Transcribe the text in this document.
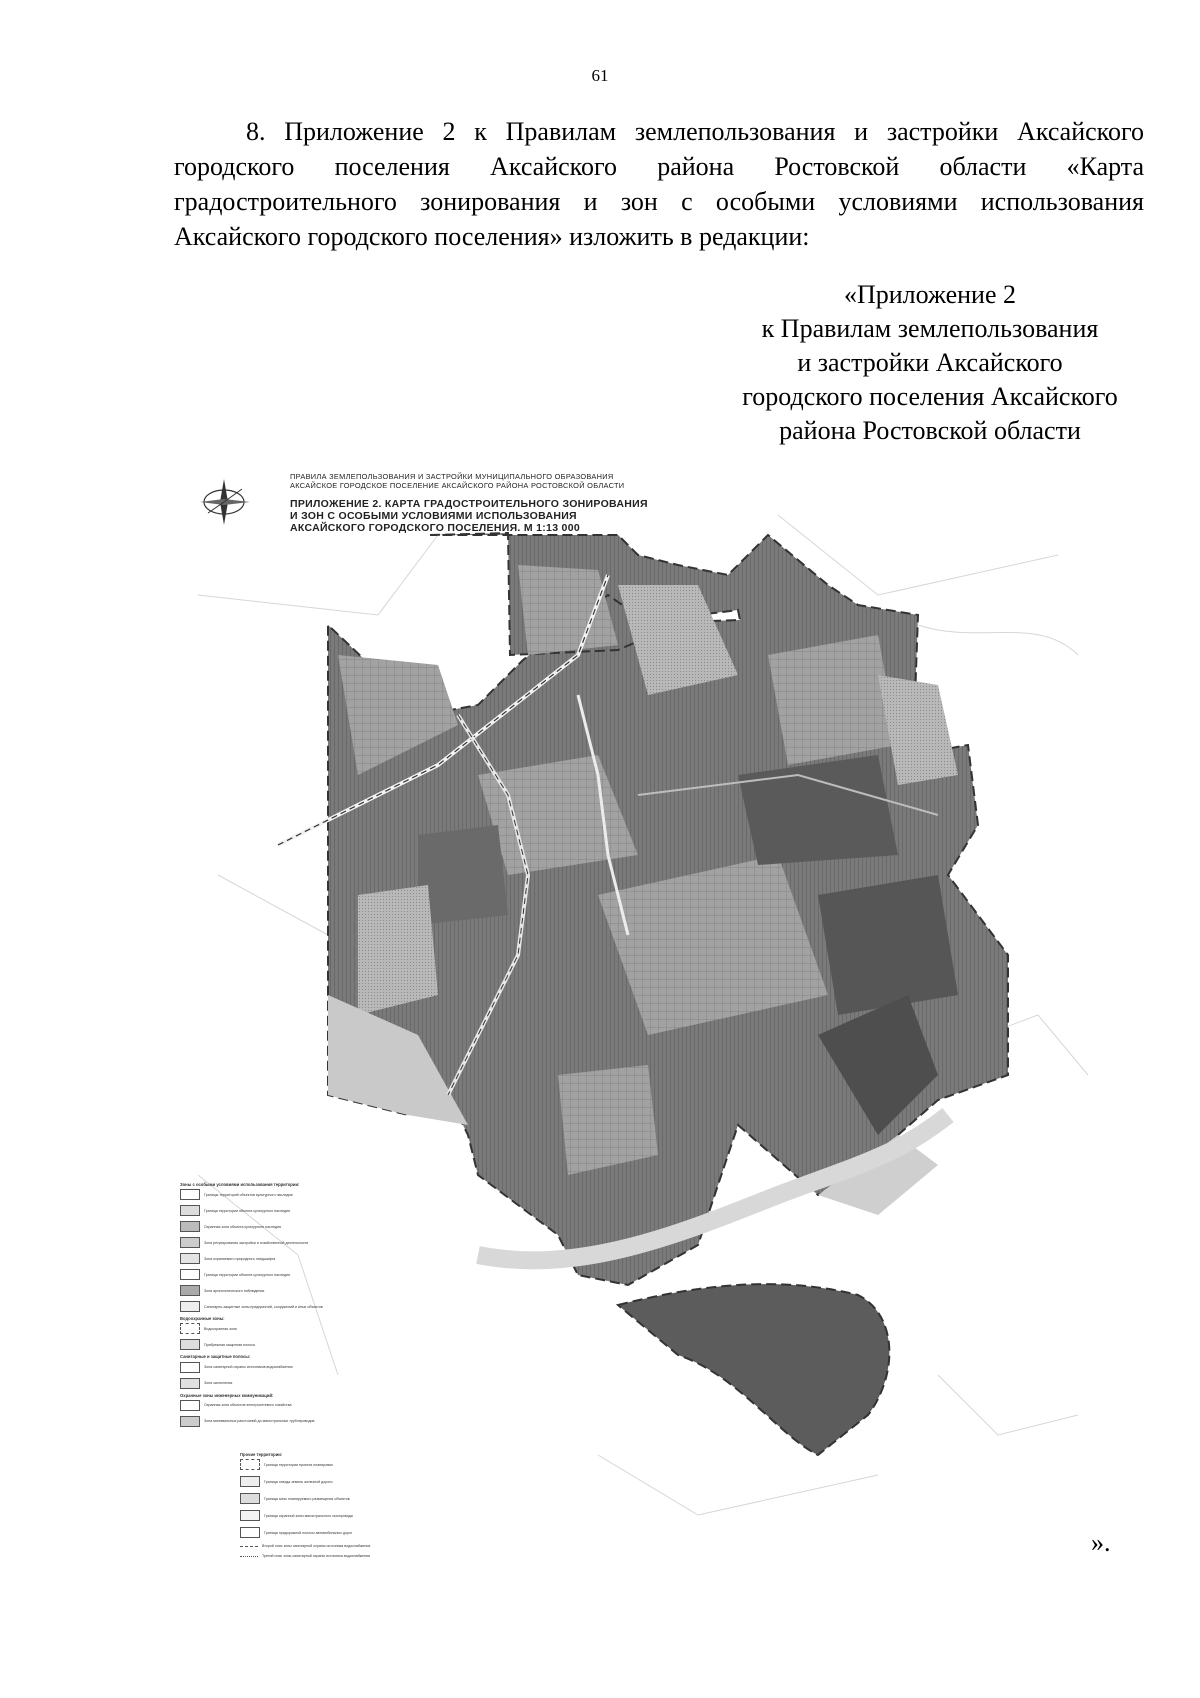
61

8. Приложение 2 к Правилам землепользования и застройки Аксайского городского поселения Аксайского района Ростовской области «Карта градостроительного зонирования и зон с особыми условиями использования Аксайского городского поселения» изложить в редакции:

«Приложение 2
к Правилам землепользования
и застройки Аксайского
городского поселения Аксайского
района Ростовской области
ПРАВИЛА ЗЕМЛЕПОЛЬЗОВАНИЯ И ЗАСТРОЙКИ МУНИЦИПАЛЬНОГО ОБРАЗОВАНИЯ
АКСАЙСКОЕ ГОРОДСКОЕ ПОСЕЛЕНИЕ АКСАЙСКОГО РАЙОНА РОСТОВСКОЙ ОБЛАСТИ
ПРИЛОЖЕНИЕ 2. КАРТА ГРАДОСТРОИТЕЛЬНОГО ЗОНИРОВАНИЯ
И ЗОН С ОСОБЫМИ УСЛОВИЯМИ ИСПОЛЬЗОВАНИЯ
АКСАЙСКОГО ГОРОДСКОГО ПОСЕЛЕНИЯ. М 1:13 000
Зоны с особыми условиями использования территории:
Границы территорий объектов культурного наследия:
Граница территории объекта культурного наследия
Охранная зона объекта культурного наследия
Зона регулирования застройки и хозяйственной деятельности
Зона охраняемого природного ландшафта
Граница территории объекта культурного наследия
Зона археологического наблюдения
Санитарно-защитные зоны предприятий, сооружений и иных объектов
Водоохранные зоны:
Водоохранная зона
Прибрежная защитная полоса
Санитарные и защитные полосы:
Зона санитарной охраны источников водоснабжения
Зона затопления
Охранные зоны инженерных коммуникаций:
Охранная зона объектов электросетевого хозяйства
Зона минимальных расстояний до магистральных трубопроводов
Прочие территории:
Граница территории проекта планировки
Граница отвода земель железной дороги
Граница зоны планируемого размещения объектов
Граница охранной зоны магистрального газопровода
Граница придорожной полосы автомобильных дорог
Второй пояс зоны санитарной охраны источника водоснабжения
Третий пояс зоны санитарной охраны источника водоснабжения	».
